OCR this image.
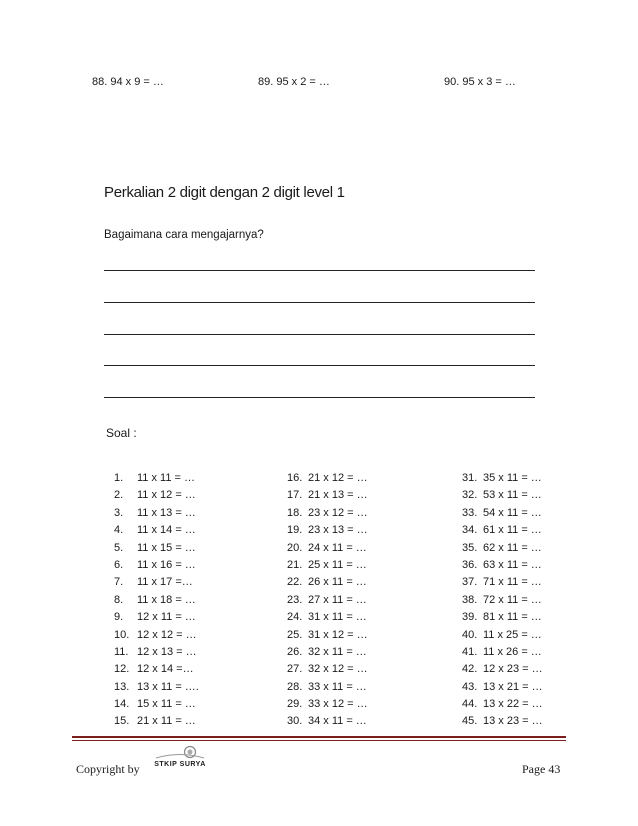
88. 94 x 9 = …	89. 95 x 2 = …	90. 95 x 3 = …
Perkalian 2 digit dengan 2 digit level 1
Bagaimana cara mengajarnya?
Soal :
1.	11 x 11 = …
2.	11 x 12 = …
3.	11 x 13 = …
4.	11 x 14 = …
5.	11 x 15 = …
6.	11 x 16 = …
7.	11 x 17 =…
8.	11 x 18 = …
9.	12 x 11 = …
10. 12 x 12 = …
11. 12 x 13 = …
12. 12 x 14 =…
13. 13 x 11 = ….
14. 15 x 11 = …
15. 21 x 11 = …
16. 21 x 12 = …
17. 21 x 13 = …
18. 23 x 12 = …
19. 23 x 13 = …
20. 24 x 11 = …
21. 25 x 11 = …
22. 26 x 11 = …
23. 27 x 11 = …
24. 31 x 11 = …
25. 31 x 12 = …
26. 32 x 11 = …
27. 32 x 12 = …
28. 33 x 11 = …
29. 33 x 12 = …
30. 34 x 11 = …
31. 35 x 11 = …
32. 53 x 11 = …
33. 54 x 11 = …
34. 61 x 11 = …
35. 62 x 11 = …
36. 63 x 11 = …
37. 71 x 11 = …
38. 72 x 11 = …
39. 81 x 11 = …
40. 11 x 25 = …
41. 11 x 26 = …
42. 12 x 23 = …
43. 13 x 21 = …
44. 13 x 22 = …
45. 13 x 23 = …
Copyright by	STKIP SURYA	Page 43
